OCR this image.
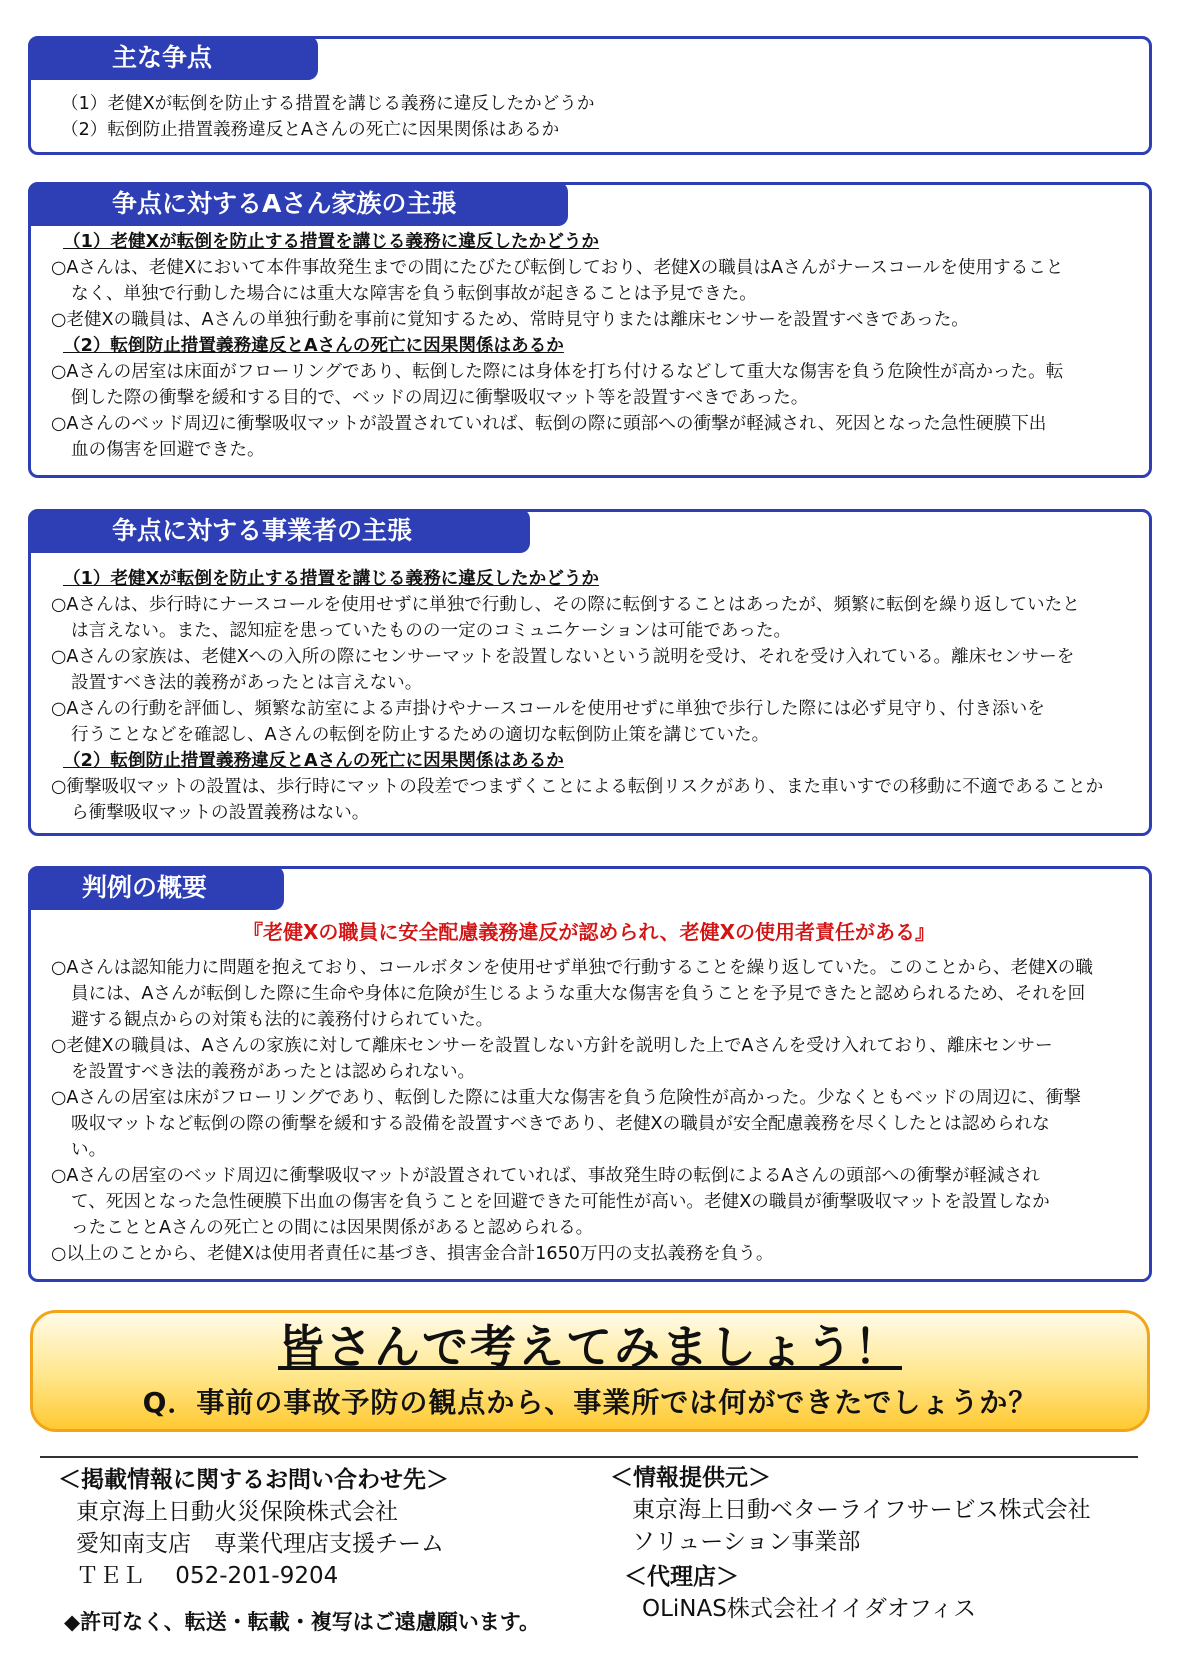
主な争点
（1）老健Xが転倒を防止する措置を講じる義務に違反したかどうか
（2）転倒防止措置義務違反とAさんの死亡に因果関係はあるか
争点に対するAさん家族の主張
（1）老健Xが転倒を防止する措置を講じる義務に違反したかどうか
○Aさんは、老健Xにおいて本件事故発生までの間にたびたび転倒しており、老健Xの職員はAさんがナースコールを使用すること
なく、単独で行動した場合には重大な障害を負う転倒事故が起きることは予見できた。
○老健Xの職員は、Aさんの単独行動を事前に覚知するため、常時見守りまたは離床センサーを設置すべきであった。
（2）転倒防止措置義務違反とAさんの死亡に因果関係はあるか
○Aさんの居室は床面がフローリングであり、転倒した際には身体を打ち付けるなどして重大な傷害を負う危険性が高かった。転
倒した際の衝撃を緩和する目的で、ベッドの周辺に衝撃吸収マット等を設置すべきであった。
○Aさんのベッド周辺に衝撃吸収マットが設置されていれば、転倒の際に頭部への衝撃が軽減され、死因となった急性硬膜下出
血の傷害を回避できた。
争点に対する事業者の主張
（1）老健Xが転倒を防止する措置を講じる義務に違反したかどうか
○Aさんは、歩行時にナースコールを使用せずに単独で行動し、その際に転倒することはあったが、頻繁に転倒を繰り返していたと
は言えない。また、認知症を患っていたものの一定のコミュニケーションは可能であった。
○Aさんの家族は、老健Xへの入所の際にセンサーマットを設置しないという説明を受け、それを受け入れている。離床センサーを
設置すべき法的義務があったとは言えない。
○Aさんの行動を評価し、頻繁な訪室による声掛けやナースコールを使用せずに単独で歩行した際には必ず見守り、付き添いを
行うことなどを確認し、Aさんの転倒を防止するための適切な転倒防止策を講じていた。
（2）転倒防止措置義務違反とAさんの死亡に因果関係はあるか
○衝撃吸収マットの設置は、歩行時にマットの段差でつまずくことによる転倒リスクがあり、また車いすでの移動に不適であることか
ら衝撃吸収マットの設置義務はない。
判例の概要
『老健Xの職員に安全配慮義務違反が認められ、老健Xの使用者責任がある』
○Aさんは認知能力に問題を抱えており、コールボタンを使用せず単独で行動することを繰り返していた。このことから、老健Xの職
員には、Aさんが転倒した際に生命や身体に危険が生じるような重大な傷害を負うことを予見できたと認められるため、それを回
避する観点からの対策も法的に義務付けられていた。
○老健Xの職員は、Aさんの家族に対して離床センサーを設置しない方針を説明した上でAさんを受け入れており、離床センサー
を設置すべき法的義務があったとは認められない。
○Aさんの居室は床がフローリングであり、転倒した際には重大な傷害を負う危険性が高かった。少なくともベッドの周辺に、衝撃
吸収マットなど転倒の際の衝撃を緩和する設備を設置すべきであり、老健Xの職員が安全配慮義務を尽くしたとは認められな
い。
○Aさんの居室のベッド周辺に衝撃吸収マットが設置されていれば、事故発生時の転倒によるAさんの頭部への衝撃が軽減され
て、死因となった急性硬膜下出血の傷害を負うことを回避できた可能性が高い。老健Xの職員が衝撃吸収マットを設置しなか
ったこととAさんの死亡との間には因果関係があると認められる。
○以上のことから、老健Xは使用者責任に基づき、損害金合計1650万円の支払義務を負う。
皆さんで考えてみましょう！
Q．事前の事故予防の観点から、事業所では何ができたでしょうか？
＜掲載情報に関するお問い合わせ先＞
東京海上日動火災保険株式会社
愛知南支店　専業代理店支援チーム
ＴＥＬ　 052-201-9204
◆許可なく、転送・転載・複写はご遠慮願います。
＜情報提供元＞
東京海上日動ベターライフサービス株式会社
ソリューション事業部
＜代理店＞
OLiNAS株式会社イイダオフィス
